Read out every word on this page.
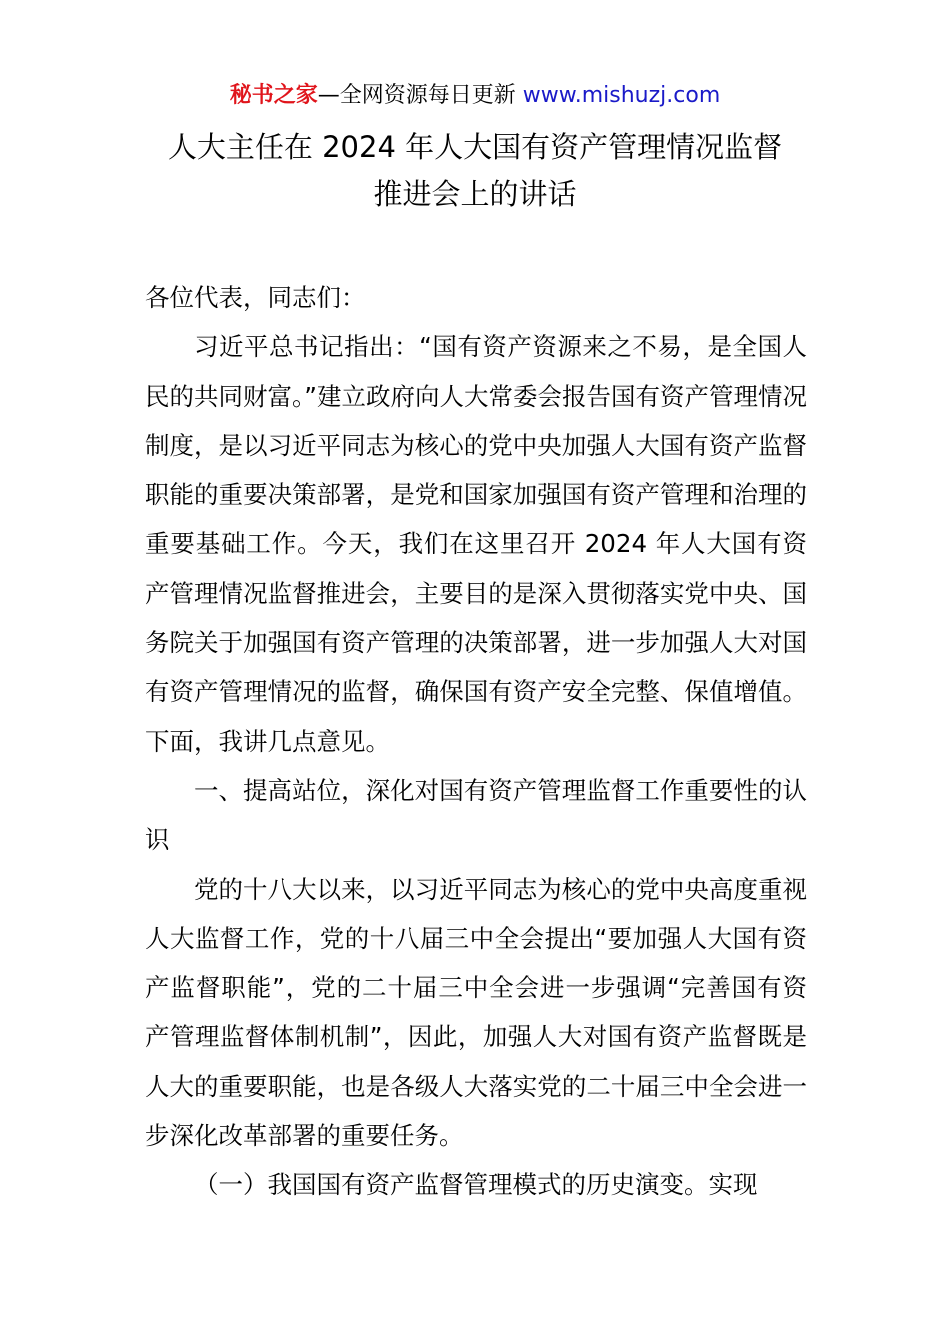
秘书之家—全网资源每日更新 www.mishuzj.com
人大主任在 2024 年人大国有资产管理情况监督
推进会上的讲话

各位代表，同志们：

习近平总书记指出：“国有资产资源来之不易，是全国人民的共同财富。”建立政府向人大常委会报告国有资产管理情况制度，是以习近平同志为核心的党中央加强人大国有资产监督职能的重要决策部署，是党和国家加强国有资产管理和治理的重要基础工作。今天，我们在这里召开 2024 年人大国有资产管理情况监督推进会，主要目的是深入贯彻落实党中央、国务院关于加强国有资产管理的决策部署，进一步加强人大对国有资产管理情况的监督，确保国有资产安全完整、保值增值。下面，我讲几点意见。

一、提高站位，深化对国有资产管理监督工作重要性的认识

党的十八大以来，以习近平同志为核心的党中央高度重视人大监督工作，党的十八届三中全会提出“要加强人大国有资产监督职能”，党的二十届三中全会进一步强调“完善国有资产管理监督体制机制”，因此，加强人大对国有资产监督既是人大的重要职能，也是各级人大落实党的二十届三中全会进一步深化改革部署的重要任务。

（一）我国国有资产监督管理模式的历史演变。实现
